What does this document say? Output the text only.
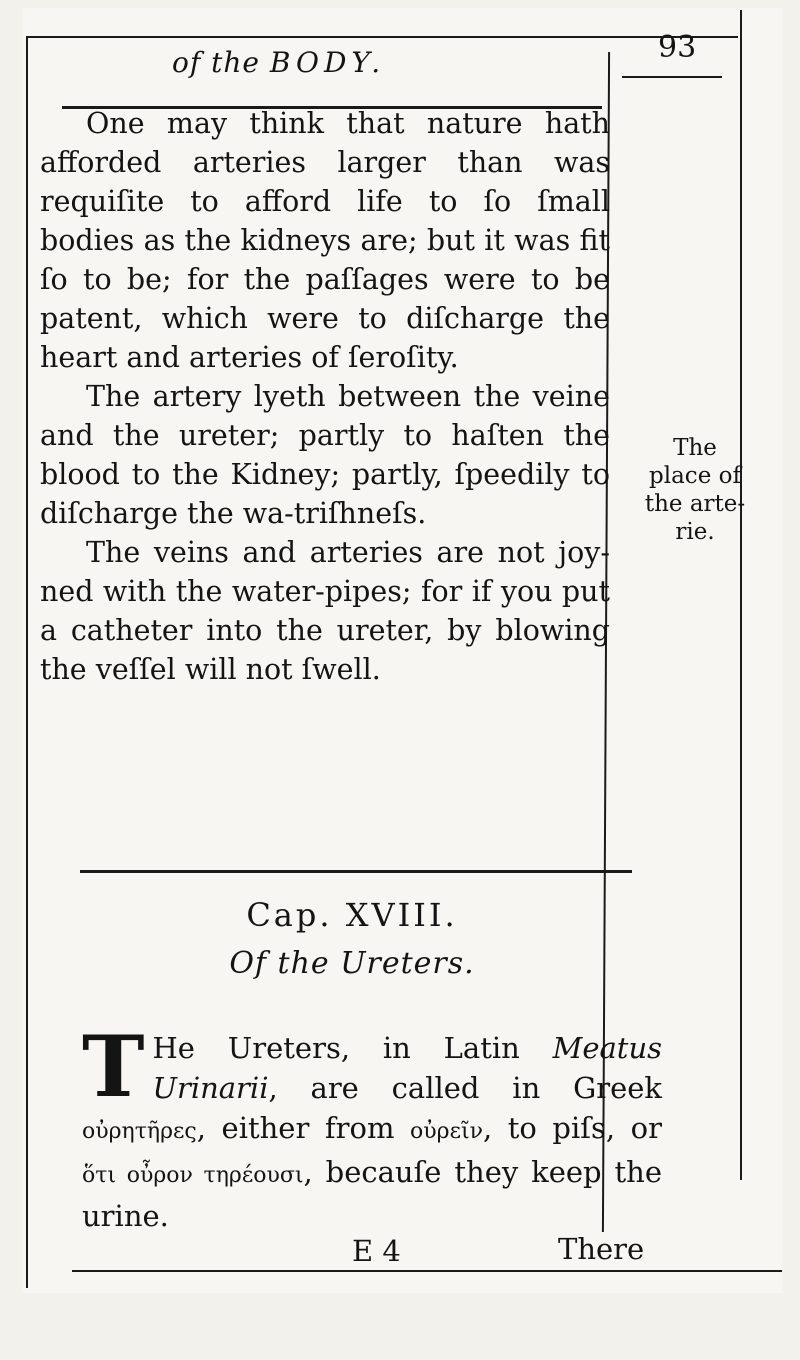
of the BODY.	93

One may think that nature hath afforded arteries larger than was requiſite to afford life to ſo ſmall bodies as the kidneys are; but it was fit ſo to be; for the paſſages were to be patent, which were to diſcharge the heart and arteries of ſeroſity.

The artery lyeth between the veine and the ureter; partly to haſten the blood to the Kidney; partly, ſpeedily to diſcharge the wa-triſhneſs.

The veins and arteries are not joy-ned with the water-pipes; for if you put a catheter into the ureter, by blowing the veſſel will not ſwell.

The place of the arte-rie.
Cap. XVIII.
Of the Ureters.
T He Ureters, in Latin Meatus Urinarii, are called in Greek οὐρητῆρες, either from οὐρεῖν, to piſs, or ὅτι οὖρον τηρέουσι, becauſe they keep the urine.
E 4	There
